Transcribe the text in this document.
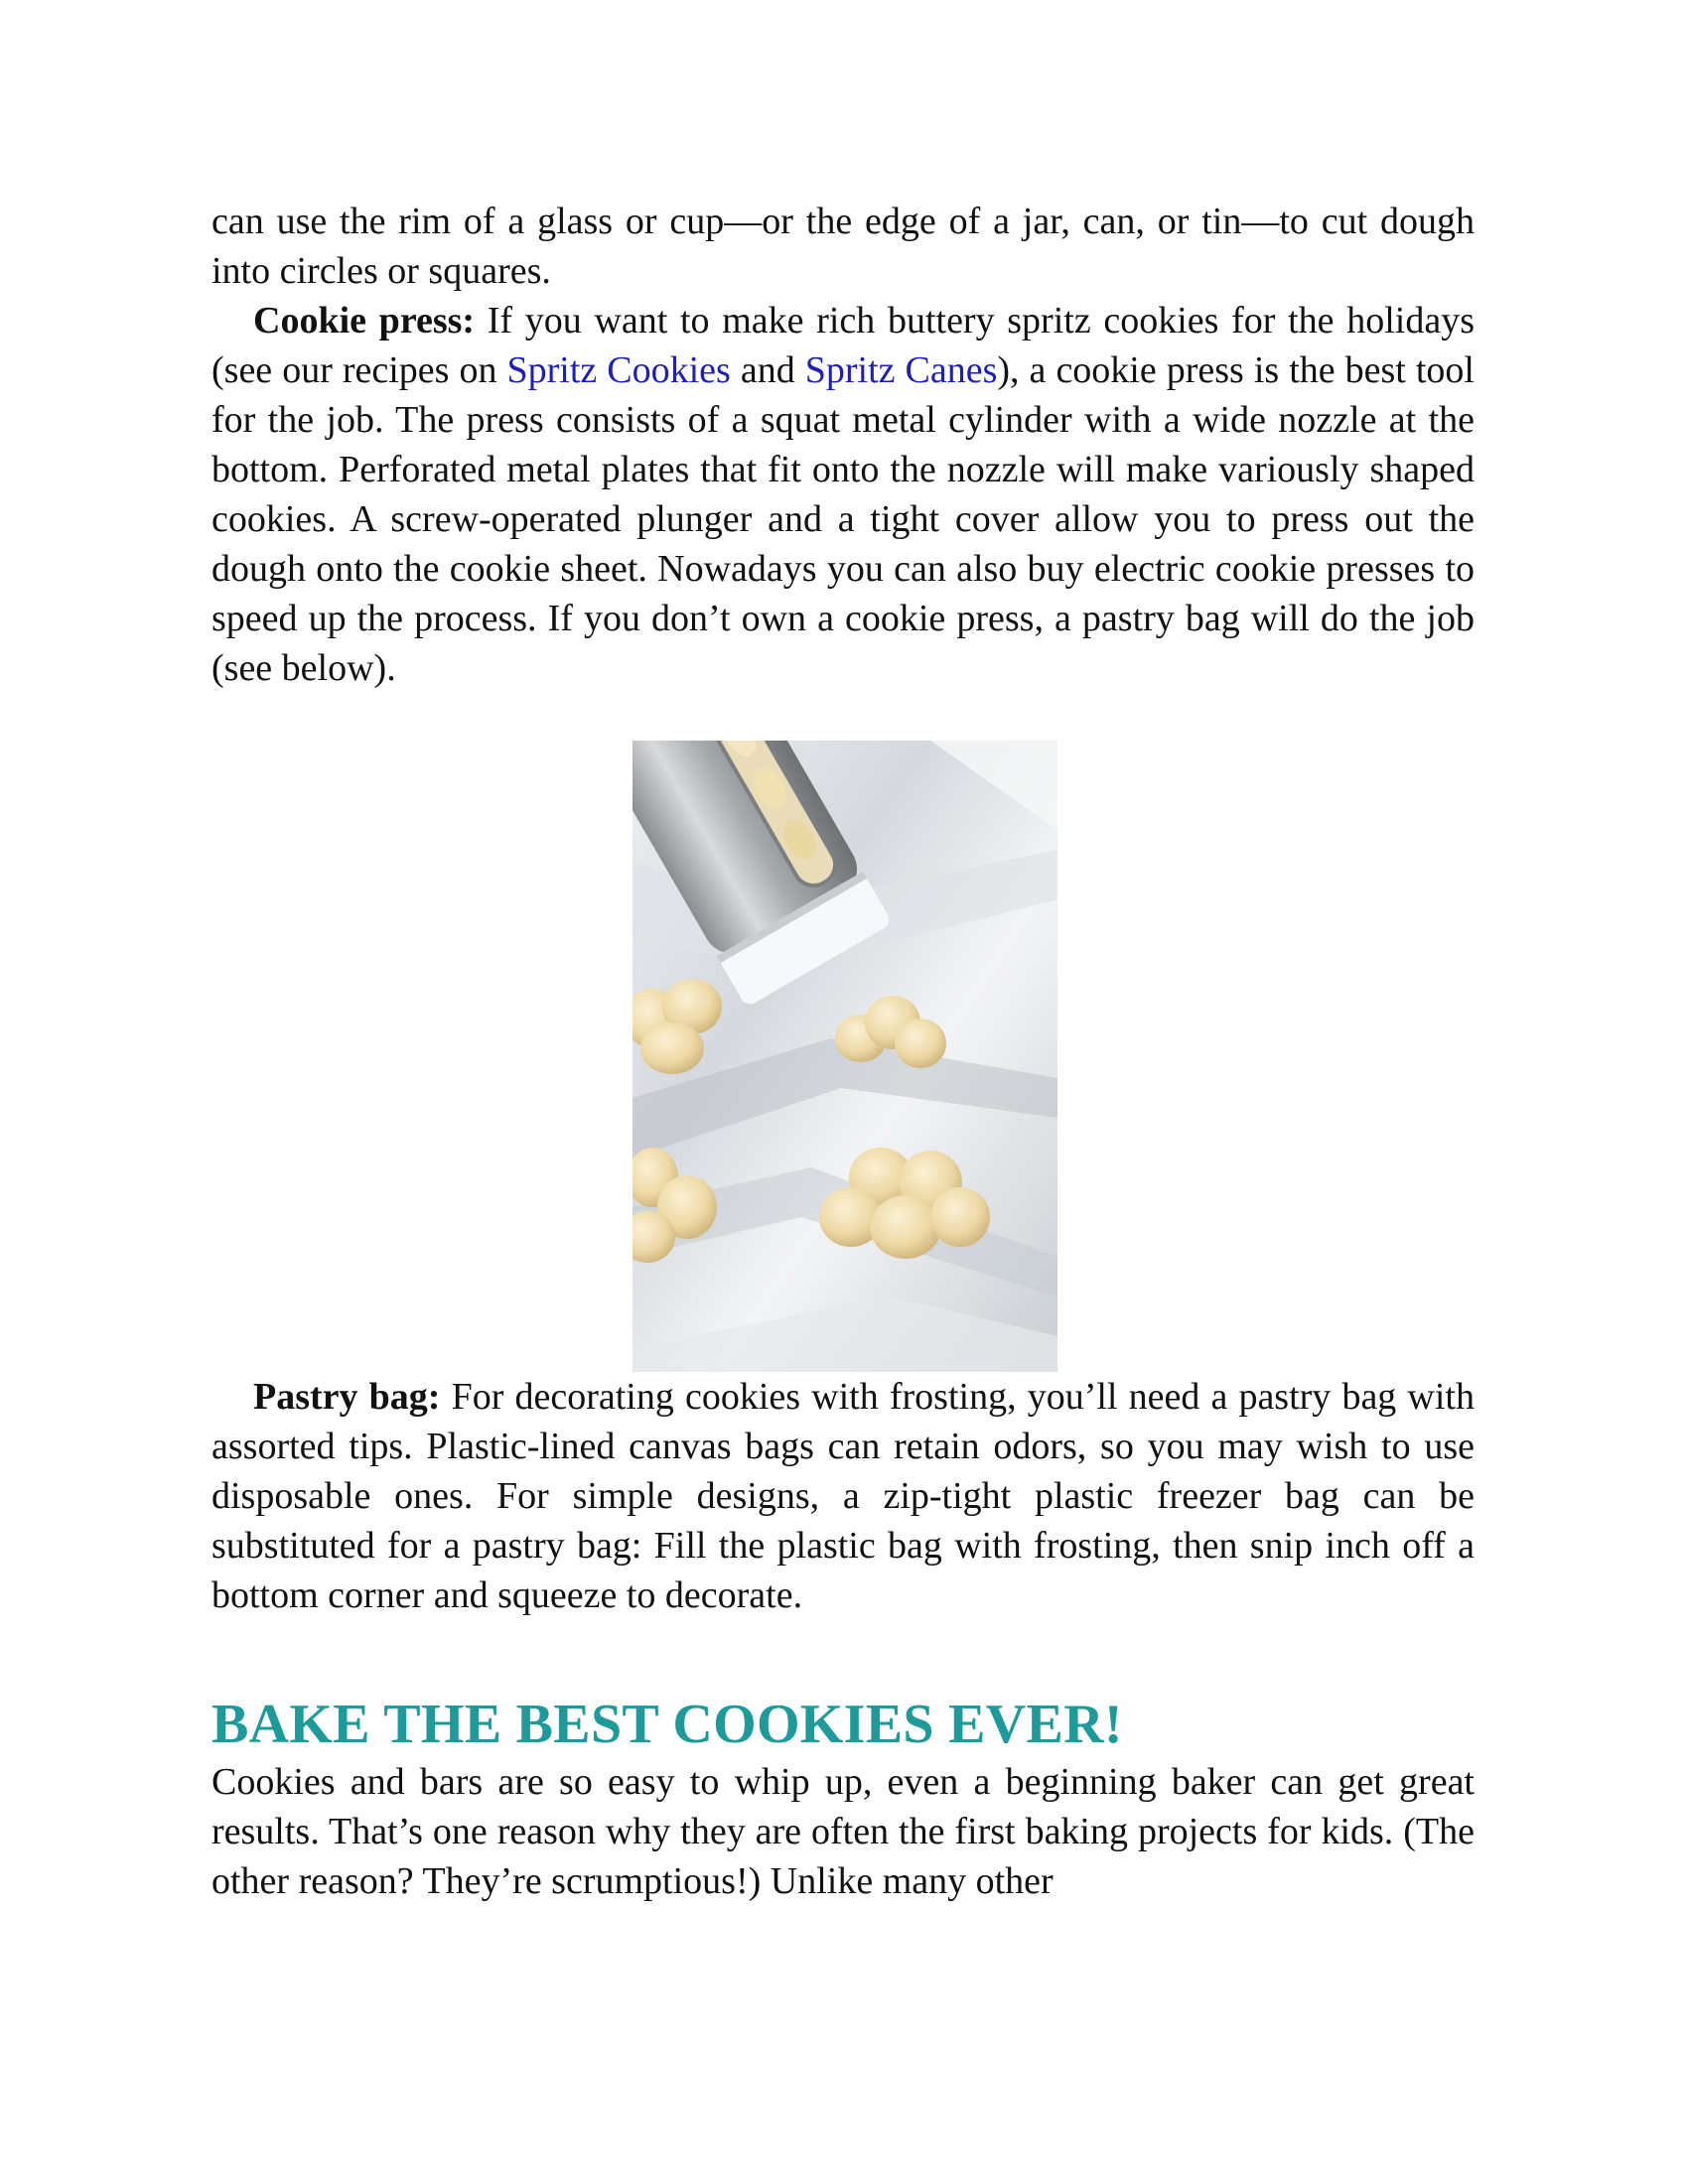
can use the rim of a glass or cup—or the edge of a jar, can, or tin—to cut dough into circles or squares.

Cookie press: If you want to make rich buttery spritz cookies for the holidays (see our recipes on Spritz Cookies and Spritz Canes), a cookie press is the best tool for the job. The press consists of a squat metal cylinder with a wide nozzle at the bottom. Perforated metal plates that fit onto the nozzle will make variously shaped cookies. A screw-operated plunger and a tight cover allow you to press out the dough onto the cookie sheet. Nowadays you can also buy electric cookie presses to speed up the process. If you don’t own a cookie press, a pastry bag will do the job (see below).

Pastry bag: For decorating cookies with frosting, you’ll need a pastry bag with assorted tips. Plastic-lined canvas bags can retain odors, so you may wish to use disposable ones. For simple designs, a zip-tight plastic freezer bag can be substituted for a pastry bag: Fill the plastic bag with frosting, then snip inch off a bottom corner and squeeze to decorate.

BAKE THE BEST COOKIES EVER!

Cookies and bars are so easy to whip up, even a beginning baker can get great results. That’s one reason why they are often the first baking projects for kids. (The other reason? They’re scrumptious!) Unlike many other
